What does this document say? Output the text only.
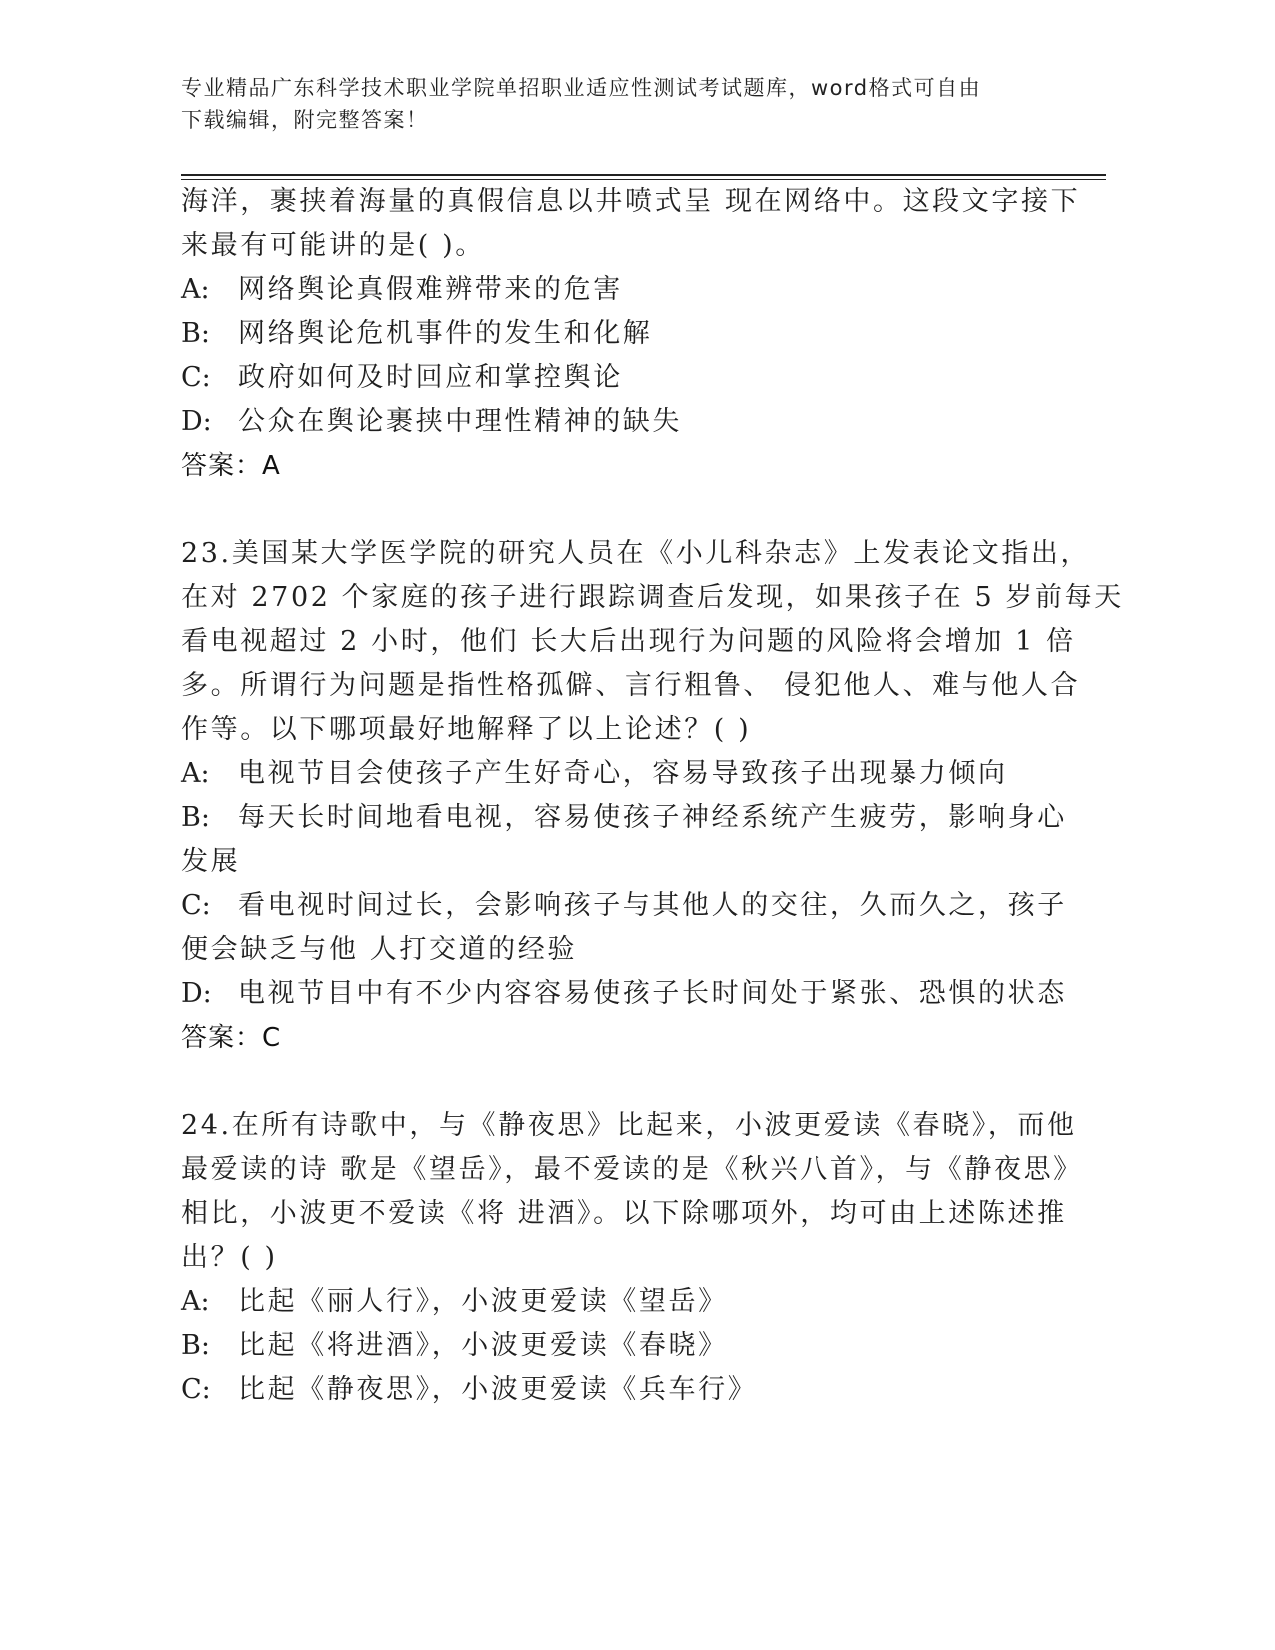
专业精品广东科学技术职业学院单招职业适应性测试考试题库，word格式可自由
下载编辑，附完整答案！
海洋，裹挟着海量的真假信息以井喷式呈 现在网络中。这段文字接下
来最有可能讲的是( )。
A:	网络舆论真假难辨带来的危害
B:	网络舆论危机事件的发生和化解
C:	政府如何及时回应和掌控舆论
D: 公众在舆论裹挟中理性精神的缺失
答案：A
23.美国某大学医学院的研究人员在《小儿科杂志》上发表论文指出，
在对 2702 个家庭的孩子进行跟踪调查后发现，如果孩子在 5 岁前每天
看电视超过 2 小时，他们 长大后出现行为问题的风险将会增加 1 倍
多。所谓行为问题是指性格孤僻、言行粗鲁、 侵犯他人、难与他人合
作等。以下哪项最好地解释了以上论述？( )
A:	电视节目会使孩子产生好奇心，容易导致孩子出现暴力倾向
B:	每天长时间地看电视，容易使孩子神经系统产生疲劳，影响身心
发展
C:	看电视时间过长，会影响孩子与其他人的交往，久而久之，孩子
便会缺乏与他 人打交道的经验
D: 电视节目中有不少内容容易使孩子长时间处于紧张、恐惧的状态
答案：C
24.在所有诗歌中，与《静夜思》比起来，小波更爱读《春晓》，而他
最爱读的诗 歌是《望岳》，最不爱读的是《秋兴八首》，与《静夜思》
相比，小波更不爱读《将 进酒》。以下除哪项外，均可由上述陈述推
出？( )
A:	比起《丽人行》，小波更爱读《望岳》
B:	比起《将进酒》，小波更爱读《春晓》
C:	比起《静夜思》，小波更爱读《兵车行》
